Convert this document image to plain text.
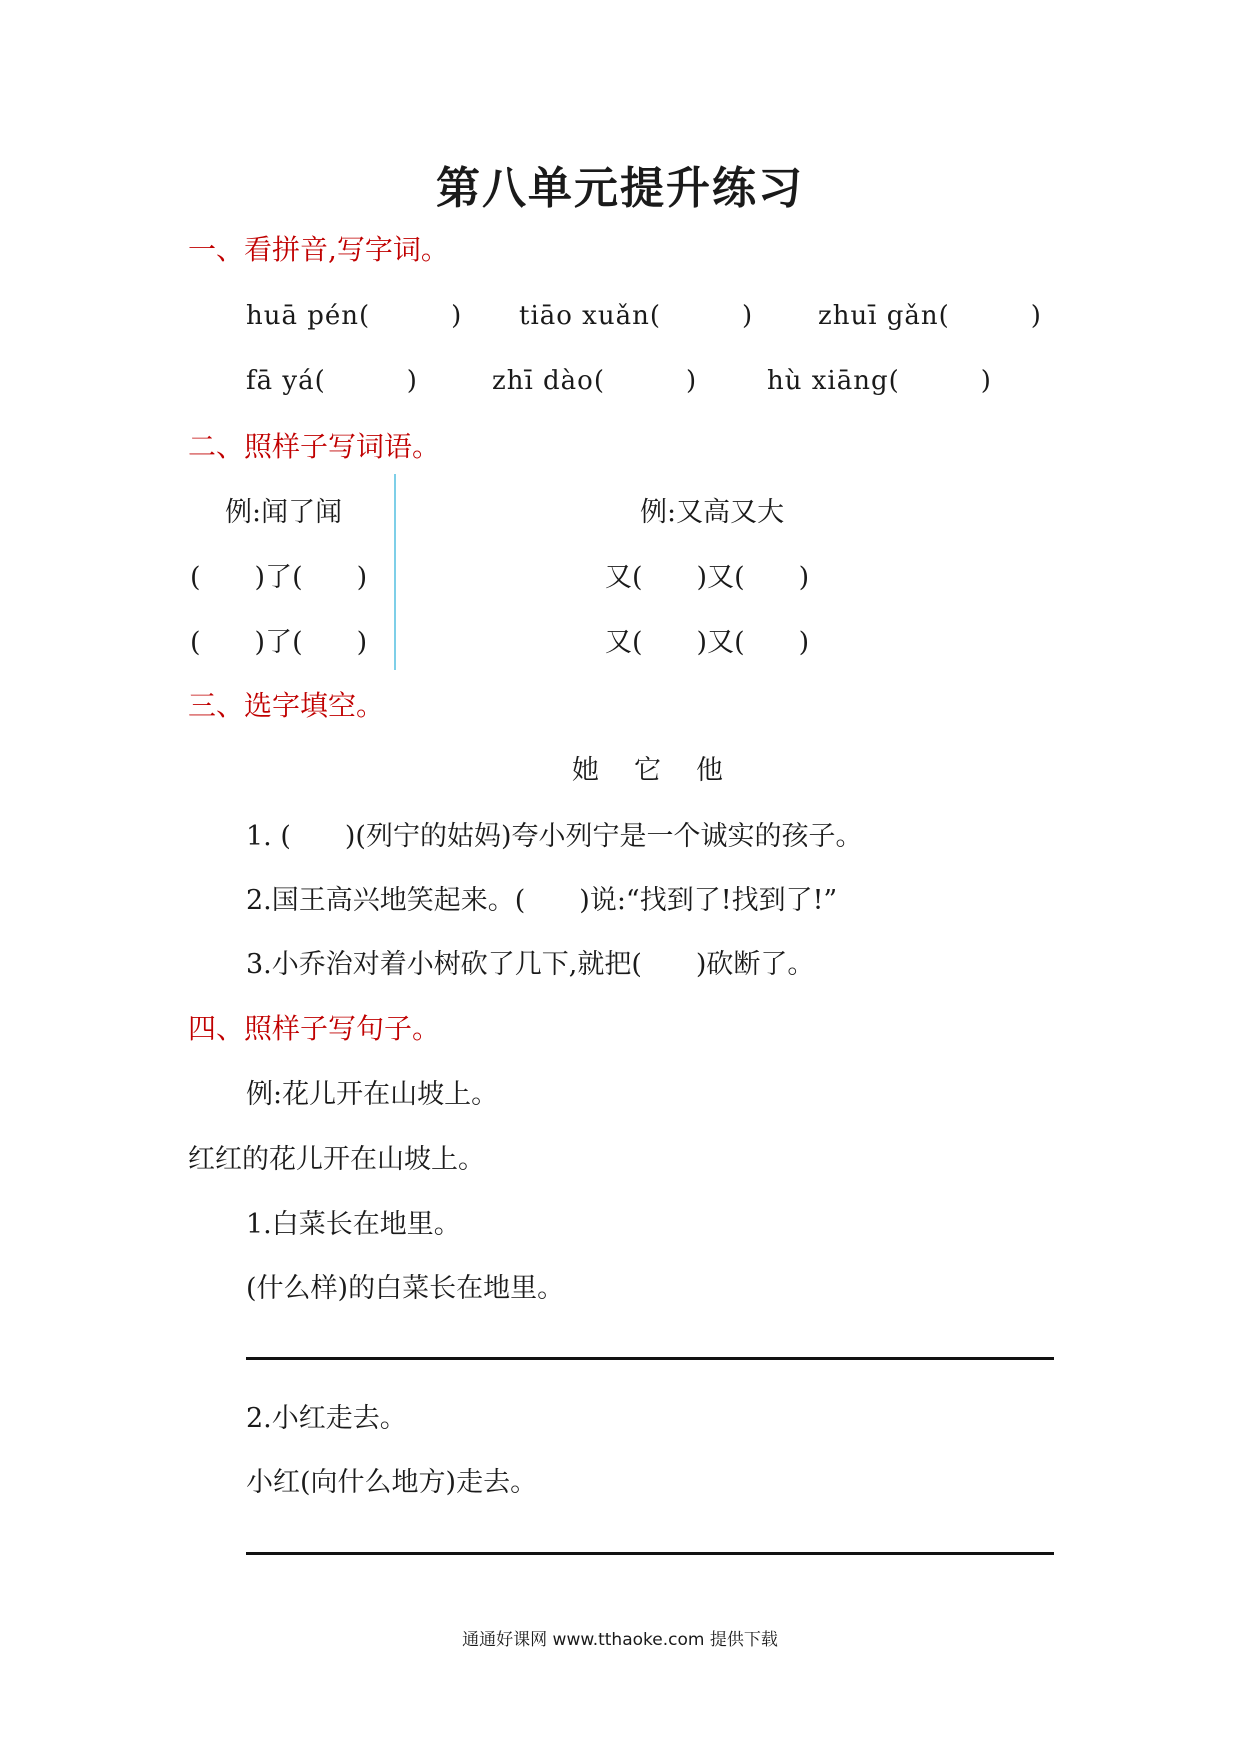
第八单元提升练习
一、看拼音,写字词。
huā pén(　　　) tiāo xuǎn(　　　) zhuī gǎn(　　　)
fā yá(　　　)	zhī dào(　　　)	hù xiāng(　　　)
二、照样子写词语。
例:闻了闻
(　　)了(　　)
(　　)了(　　)
例:又高又大
又(　　)又(　　)
又(　　)又(　　)
三、选字填空。
她　它　他
1. (　　)(列宁的姑妈)夸小列宁是一个诚实的孩子。
2.国王高兴地笑起来。(　　)说:“找到了!找到了!”
3.小乔治对着小树砍了几下,就把(　　)砍断了。
四、照样子写句子。
例:花儿开在山坡上。
红红的花儿开在山坡上。
1.白菜长在地里。
(什么样)的白菜长在地里。
2.小红走去。
小红(向什么地方)走去。
通通好课网 www.tthaoke.com 提供下载
